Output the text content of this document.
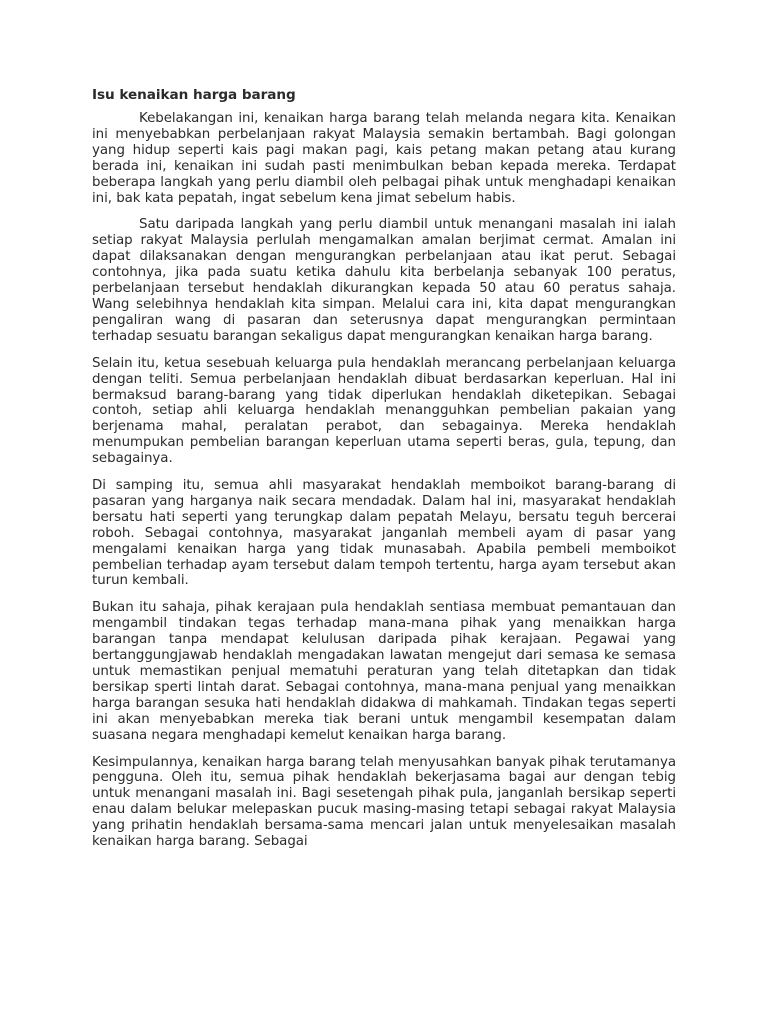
Isu kenaikan harga barang

Kebelakangan ini, kenaikan harga barang telah melanda negara kita. Kenaikan ini menyebabkan perbelanjaan rakyat Malaysia semakin bertambah. Bagi golongan yang hidup seperti kais pagi makan pagi, kais petang makan petang atau kurang berada ini, kenaikan ini sudah pasti menimbulkan beban kepada mereka. Terdapat beberapa langkah yang perlu diambil oleh pelbagai pihak untuk menghadapi kenaikan ini, bak kata pepatah, ingat sebelum kena jimat sebelum habis.

Satu daripada langkah yang perlu diambil untuk menangani masalah ini ialah setiap rakyat Malaysia perlulah mengamalkan amalan berjimat cermat. Amalan ini dapat dilaksanakan dengan mengurangkan perbelanjaan atau ikat perut. Sebagai contohnya, jika pada suatu ketika dahulu kita berbelanja sebanyak 100 peratus, perbelanjaan tersebut hendaklah dikurangkan kepada 50 atau 60 peratus sahaja. Wang selebihnya hendaklah kita simpan. Melalui cara ini, kita dapat mengurangkan pengaliran wang di pasaran dan seterusnya dapat mengurangkan permintaan terhadap sesuatu barangan sekaligus dapat mengurangkan kenaikan harga barang.

Selain itu, ketua sesebuah keluarga pula hendaklah merancang perbelanjaan keluarga dengan teliti. Semua perbelanjaan hendaklah dibuat berdasarkan keperluan. Hal ini bermaksud barang-barang yang tidak diperlukan hendaklah diketepikan. Sebagai contoh, setiap ahli keluarga hendaklah menangguhkan pembelian pakaian yang berjenama mahal, peralatan perabot, dan sebagainya. Mereka hendaklah menumpukan pembelian barangan keperluan utama seperti beras, gula, tepung, dan sebagainya.

Di samping itu, semua ahli masyarakat hendaklah memboikot barang-barang di pasaran yang harganya naik secara mendadak. Dalam hal ini, masyarakat hendaklah bersatu hati seperti yang terungkap dalam pepatah Melayu, bersatu teguh bercerai roboh. Sebagai contohnya, masyarakat janganlah membeli ayam di pasar yang mengalami kenaikan harga yang tidak munasabah. Apabila pembeli memboikot pembelian terhadap ayam tersebut dalam tempoh tertentu, harga ayam tersebut akan turun kembali.

Bukan itu sahaja, pihak kerajaan pula hendaklah sentiasa membuat pemantauan dan mengambil tindakan tegas terhadap mana-mana pihak yang menaikkan harga barangan tanpa mendapat kelulusan daripada pihak kerajaan. Pegawai yang bertanggungjawab hendaklah mengadakan lawatan mengejut dari semasa ke semasa untuk memastikan penjual mematuhi peraturan yang telah ditetapkan dan tidak bersikap sperti lintah darat. Sebagai contohnya, mana-mana penjual yang menaikkan harga barangan sesuka hati hendaklah didakwa di mahkamah. Tindakan tegas seperti ini akan menyebabkan mereka tiak berani untuk mengambil kesempatan dalam suasana negara menghadapi kemelut kenaikan harga barang.

Kesimpulannya, kenaikan harga barang telah menyusahkan banyak pihak terutamanya pengguna. Oleh itu, semua pihak hendaklah bekerjasama bagai aur dengan tebig untuk menangani masalah ini. Bagi sesetengah pihak pula, janganlah bersikap seperti enau dalam belukar melepaskan pucuk masing-masing tetapi sebagai rakyat Malaysia yang prihatin hendaklah bersama-sama mencari jalan untuk menyelesaikan masalah kenaikan harga barang. Sebagai
